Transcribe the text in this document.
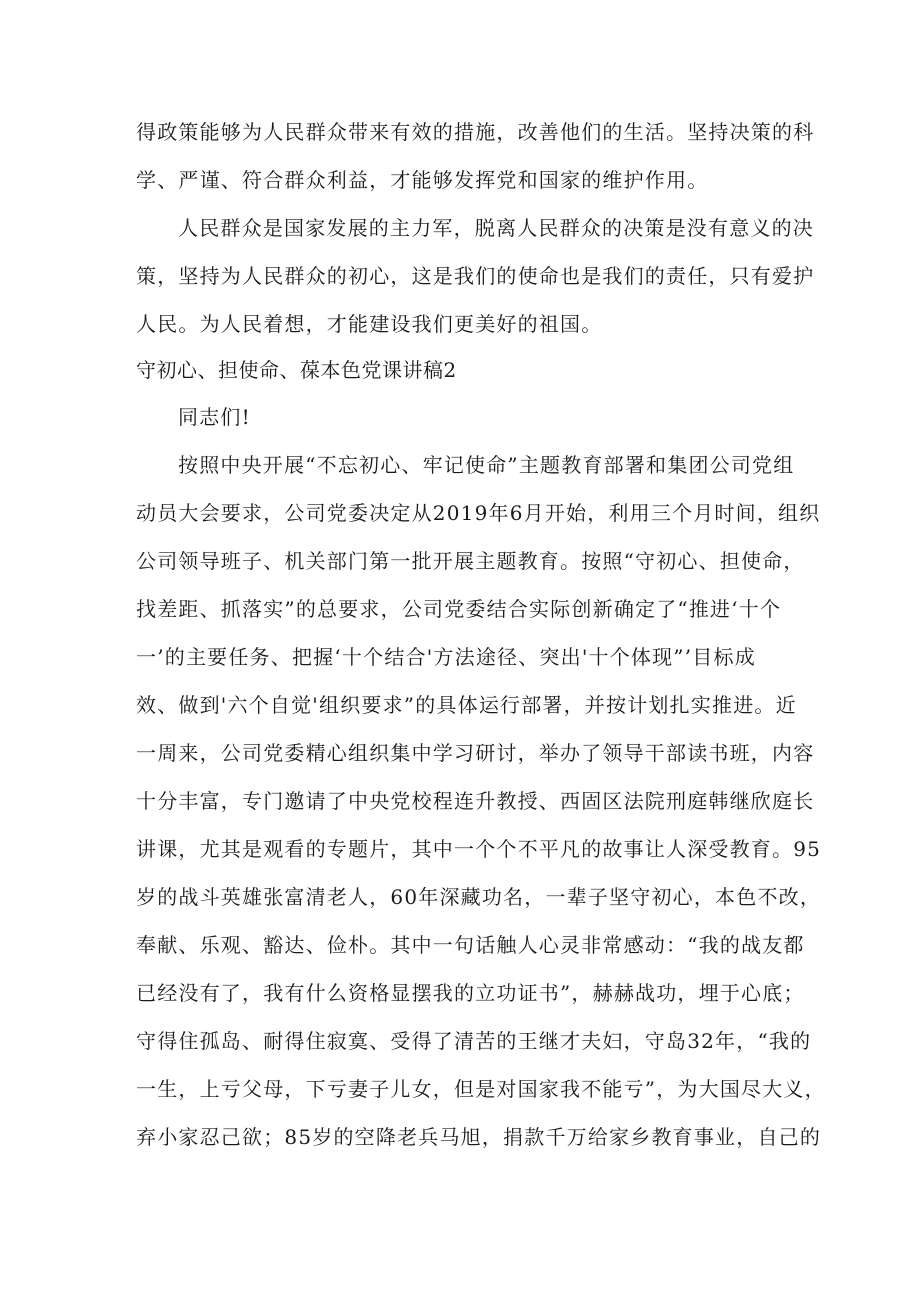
得政策能够为人民群众带来有效的措施，改善他们的生活。坚持决策的科
学、严谨、符合群众利益，才能够发挥党和国家的维护作用。
人民群众是国家发展的主力军，脱离人民群众的决策是没有意义的决
策，坚持为人民群众的初心，这是我们的使命也是我们的责任，只有爱护
人民。为人民着想，才能建设我们更美好的祖国。
守初心、担使命、葆本色党课讲稿2
同志们!
按照中央开展“不忘初心、牢记使命”主题教育部署和集团公司党组
动员大会要求，公司党委决定从2019年6月开始，利用三个月时间，组织
公司领导班子、机关部门第一批开展主题教育。按照“守初心、担使命，
找差距、抓落实”的总要求，公司党委结合实际创新确定了“推进‘十个
一’的主要任务、把握‘十个结合'方法途径、突出'十个体现”’目标成
效、做到'六个自觉'组织要求”的具体运行部署，并按计划扎实推进。近
一周来，公司党委精心组织集中学习研讨，举办了领导干部读书班，内容
十分丰富，专门邀请了中央党校程连升教授、西固区法院刑庭韩继欣庭长
讲课，尤其是观看的专题片，其中一个个不平凡的故事让人深受教育。95
岁的战斗英雄张富清老人，60年深藏功名，一辈子坚守初心，本色不改，
奉献、乐观、豁达、俭朴。其中一句话触人心灵非常感动：“我的战友都
已经没有了，我有什么资格显摆我的立功证书”，赫赫战功，埋于心底；
守得住孤岛、耐得住寂寞、受得了清苦的王继才夫妇，守岛32年，“我的
一生，上亏父母，下亏妻子儿女，但是对国家我不能亏”，为大国尽大义，
弃小家忍己欲；85岁的空降老兵马旭，捐款千万给家乡教育事业，自己的
